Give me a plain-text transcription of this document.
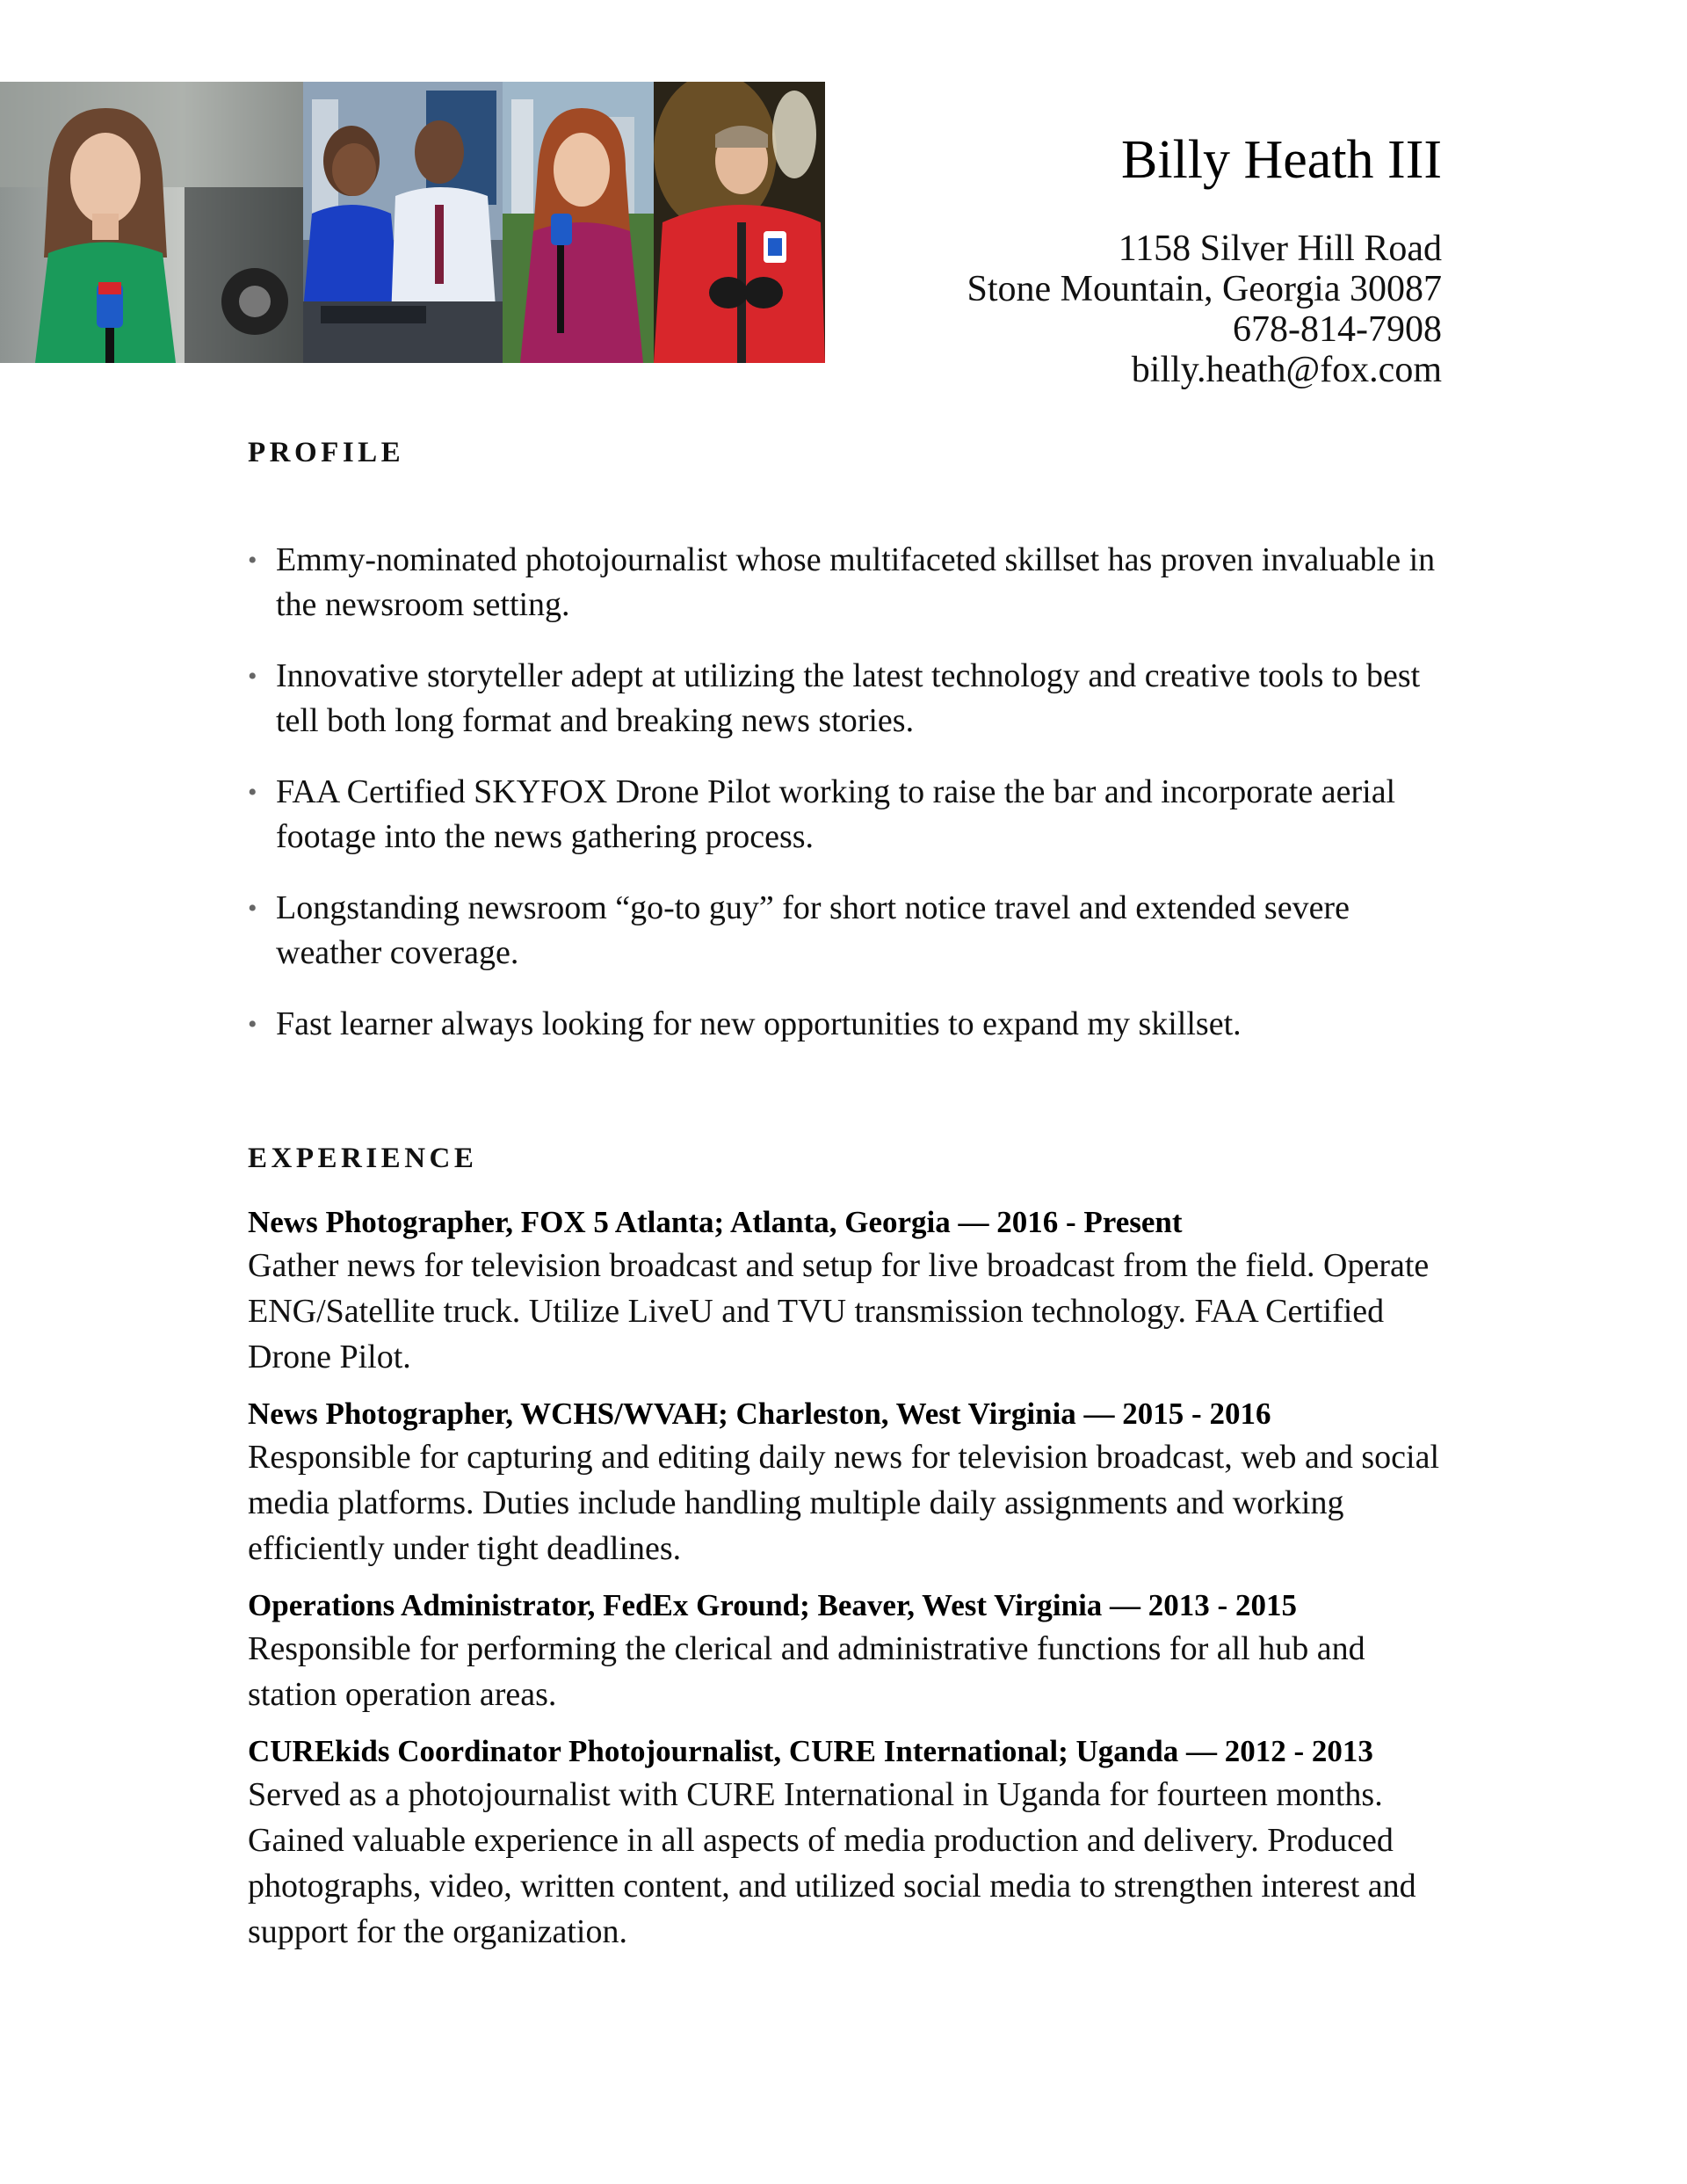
Billy Heath III
1158 Silver Hill Road
Stone Mountain, Georgia 30087
678-814-7908
billy.heath@fox.com
PROFILE
• Emmy-nominated photojournalist whose multifaceted skillset has proven invaluable in the newsroom setting.
• Innovative storyteller adept at utilizing the latest technology and creative tools to best tell both long format and breaking news stories.
• FAA Certified SKYFOX Drone Pilot working to raise the bar and incorporate aerial footage into the news gathering process.
• Longstanding newsroom “go-to guy” for short notice travel and extended severe weather coverage.
• Fast learner always looking for new opportunities to expand my skillset.
EXPERIENCE
News Photographer, FOX 5 Atlanta; Atlanta, Georgia — 2016 - Present
Gather news for television broadcast and setup for live broadcast from the field. Operate ENG/Satellite truck. Utilize LiveU and TVU transmission technology. FAA Certified Drone Pilot.
News Photographer, WCHS/WVAH; Charleston, West Virginia — 2015 - 2016
Responsible for capturing and editing daily news for television broadcast, web and social media platforms. Duties include handling multiple daily assignments and working efficiently under tight deadlines.
Operations Administrator, FedEx Ground; Beaver, West Virginia — 2013 - 2015
Responsible for performing the clerical and administrative functions for all hub and station operation areas.
CUREkids Coordinator Photojournalist, CURE International; Uganda — 2012 - 2013
Served as a photojournalist with CURE International in Uganda for fourteen months. Gained valuable experience in all aspects of media production and delivery. Produced photographs, video, written content, and utilized social media to strengthen interest and support for the organization.
